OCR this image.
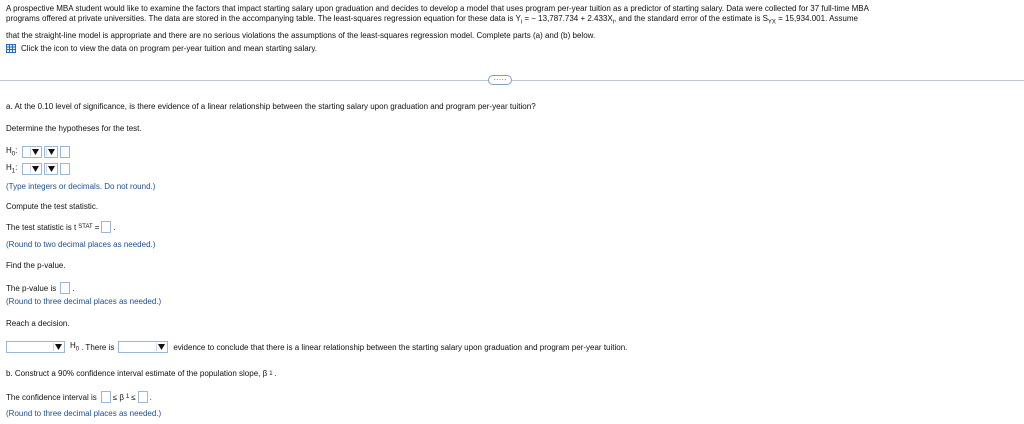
A prospective MBA student would like to examine the factors that impact starting salary upon graduation and decides to develop a model that uses program per-year tuition as a predictor of starting salary. Data were collected for 37 full-time MBA
programs offered at private universities. The data are stored in the accompanying table. The least-squares regression equation for these data is $Y_i$ = − $13,787.734 + 2.433X_i$, and the standard error of the estimate is $S_{YX} = 15,934.001$. Assume
that the straight-line model is appropriate and there are no serious violations the assumptions of the least-squares regression model. Complete parts (a) and (b) below.
Click the icon to view the data on program per-year tuition and mean starting salary.
·····
a. At the 0.10 level of significance, is there evidence of a linear relationship between the starting salary upon graduation and program per-year tuition?
Determine the hypotheses for the test.
$H_0$:
$H_1$:
(Type integers or decimals. Do not round.)
Compute the test statistic.
The test statistic is t STAT = .
(Round to two decimal places as needed.)
Find the p-value.
The p-value is .
(Round to three decimal places as needed.)
Reach a decision.
$H_0$ . There is	evidence to conclude that there is a linear relationship between the starting salary upon graduation and program per-year tuition.
b. Construct a 90% confidence interval estimate of the population slope, β 1 .
The confidence interval is ≤ β 1 ≤ .
(Round to three decimal places as needed.)
